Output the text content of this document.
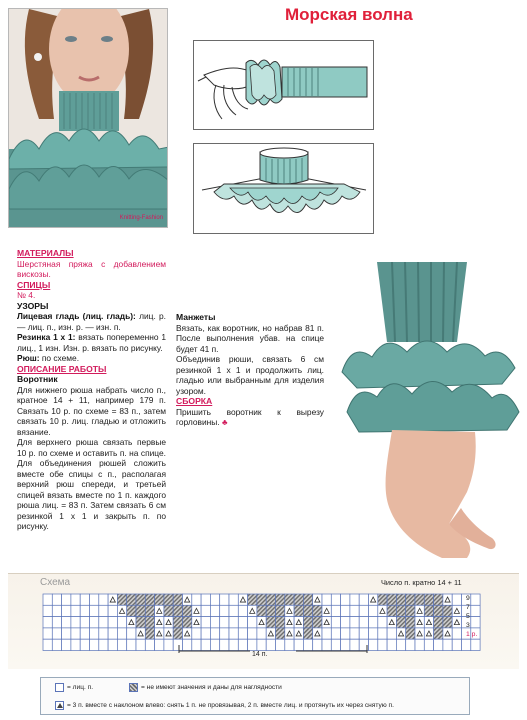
Knitting-Fashion
Морская волна
МАТЕРИАЛЫ

Шерстяная пряжа с добавлением вискозы.

СПИЦЫ

№ 4.

УЗОРЫ

Лицевая гладь (лиц. гладь): лиц. р. — лиц. п., изн. р. — изн. п.

Резинка 1 х 1: вязать попеременно 1 лиц., 1 изн. Изн. р. вязать по рисунку.

Рюш: по схеме.

ОПИСАНИЕ РАБОТЫ
Воротник

Для нижнего рюша набрать число п., кратное 14 + 11, например 179 п. Связать 10 р. по схеме = 83 п., затем связать 10 р. лиц. гладью и отложить вязание.

Для верхнего рюша связать первые 10 р. по схеме и оставить п. на спице. Для объединения рюшей сложить вместе обе спицы с п., располагая верхний рюш спереди, и третьей спицей вязать вместе по 1 п. каждого рюша лиц. = 83 п. Затем связать 6 см резинкой 1 х 1 и закрыть п. по рисунку.

Манжеты

Вязать, как воротник, но набрав 81 п. После выполнения убав. на спице будет 41 п.

Объединив рюши, связать 6 см резинкой 1 х 1 и продолжить лиц. гладью или выбранным для изделия узором.

СБОРКА

Пришить воротник к вырезу горловины. ♣

Схема	Число п. кратно 14 + 11
9
7
5
3
1 р.
14 п.
= лиц. п.	= не имеют значения и даны для наглядности
= 3 п. вместе с наклоном влево: снять 1 п. не провязывая, 2 п. вместе лиц. и протянуть их через снятую п.
